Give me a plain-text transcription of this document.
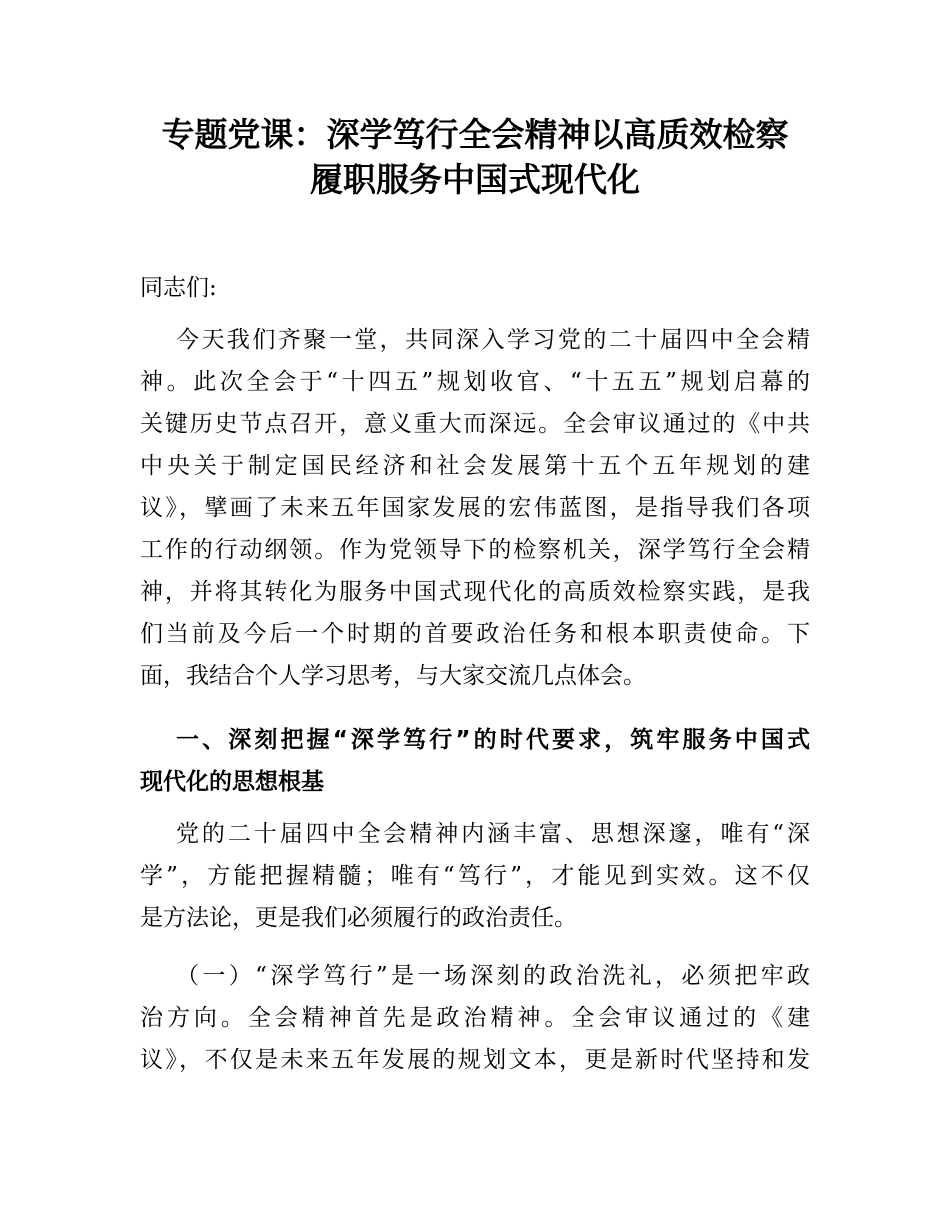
专题党课：深学笃行全会精神以高质效检察
履职服务中国式现代化
同志们:
今天我们齐聚一堂，共同深入学习党的二十届四中全会精
神。此次全会于“十四五”规划收官、“十五五”规划启幕的
关键历史节点召开，意义重大而深远。全会审议通过的《中共
中央关于制定国民经济和社会发展第十五个五年规划的建
议》，擘画了未来五年国家发展的宏伟蓝图，是指导我们各项
工作的行动纲领。作为党领导下的检察机关，深学笃行全会精
神，并将其转化为服务中国式现代化的高质效检察实践，是我
们当前及今后一个时期的首要政治任务和根本职责使命。下
面，我结合个人学习思考，与大家交流几点体会。
一、深刻把握“深学笃行”的时代要求，筑牢服务中国式
现代化的思想根基
党的二十届四中全会精神内涵丰富、思想深邃，唯有“深
学”，方能把握精髓；唯有“笃行”，才能见到实效。这不仅
是方法论，更是我们必须履行的政治责任。
（一）“深学笃行”是一场深刻的政治洗礼，必须把牢政
治方向。全会精神首先是政治精神。全会审议通过的《建
议》，不仅是未来五年发展的规划文本，更是新时代坚持和发
